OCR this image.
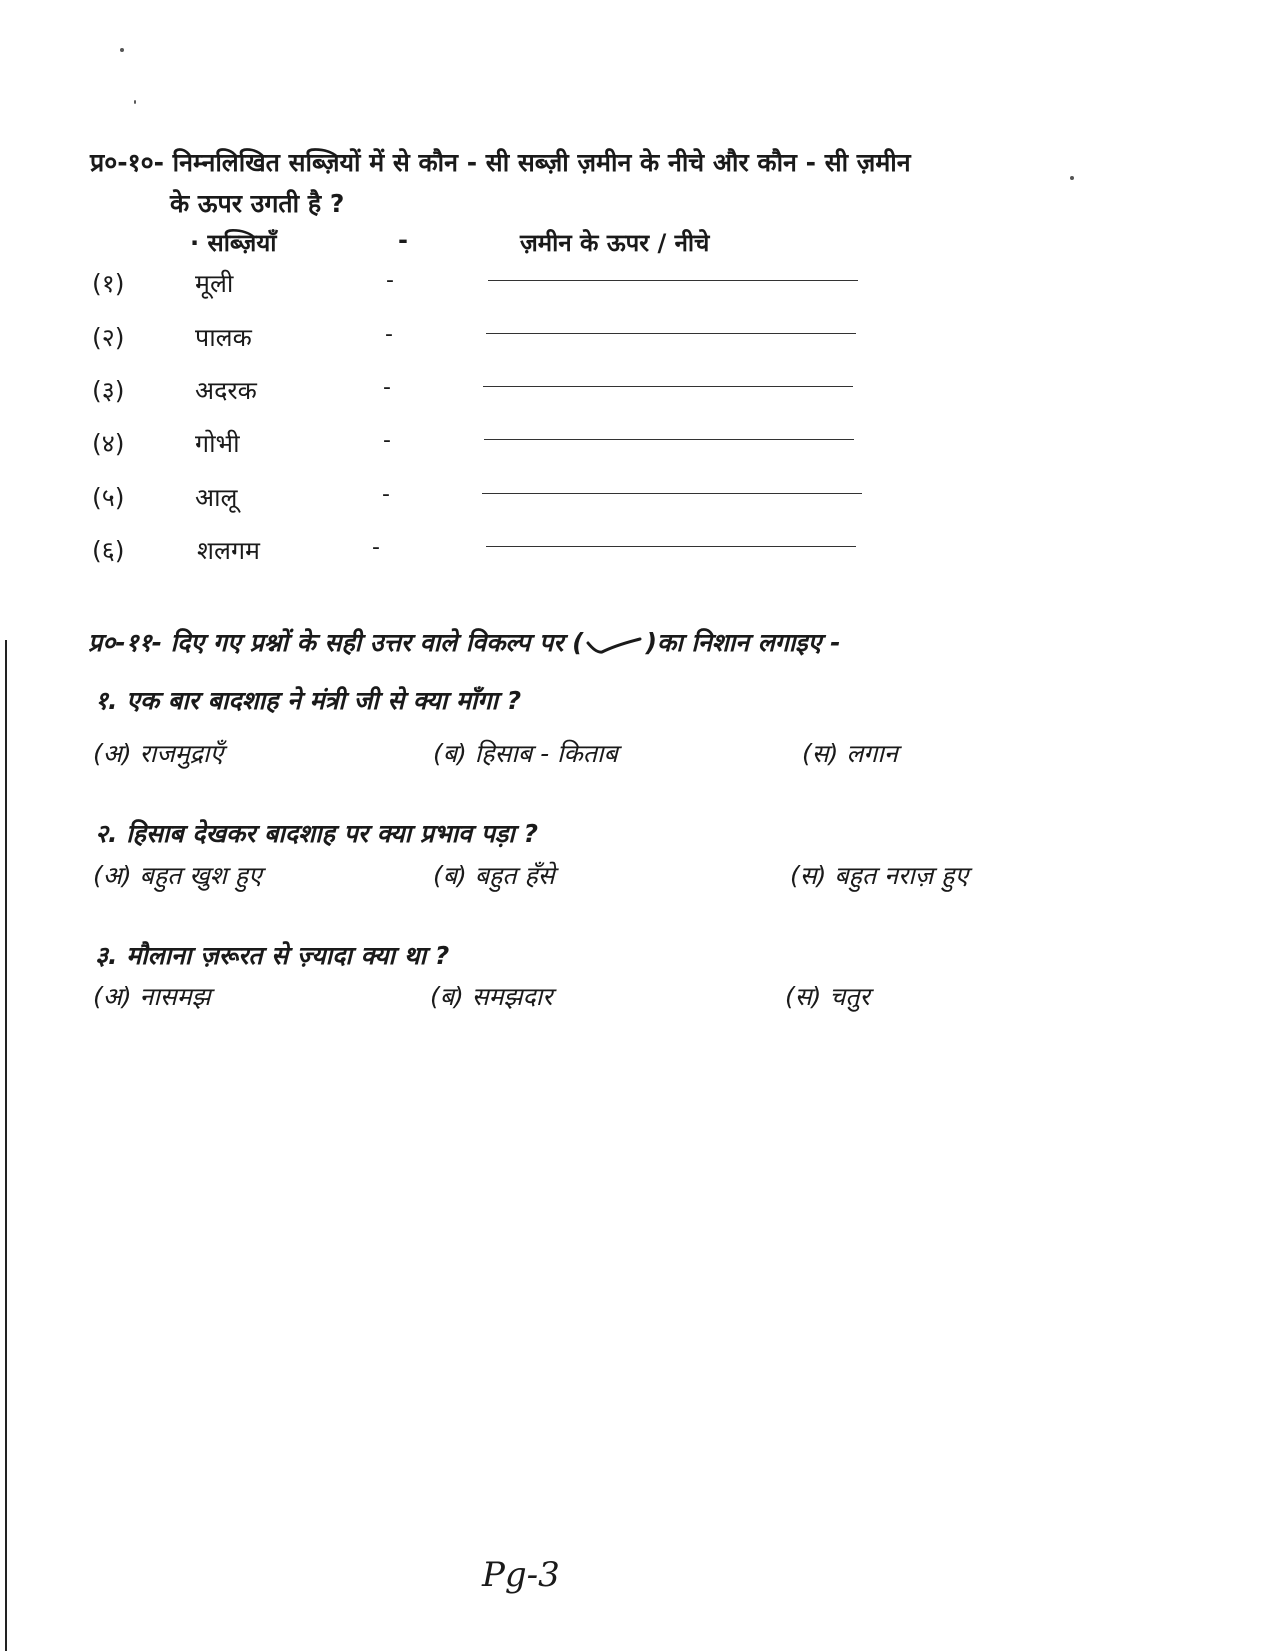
प्र०-१०- निम्नलिखित सब्ज़ियों में से कौन - सी सब्ज़ी ज़मीन के नीचे और कौन - सी ज़मीन
के ऊपर उगती है ?
· सब्ज़ियाँ	-	ज़मीन के ऊपर / नीचे
(१)	मूली	-
(२)	पालक	-
(३)	अदरक	-
(४)	गोभी	-
(५)	आलू	-
(६)	शलगम	-
प्र०-११- दिए गए प्रश्नों के सही उत्तर वाले विकल्प पर ( )का निशान लगाइए -
१. एक बार बादशाह ने मंत्री जी से क्या माँगा ?
(अ) राजमुद्राएँ	(ब) हिसाब - किताब	(स) लगान
२. हिसाब देखकर बादशाह पर क्या प्रभाव पड़ा ?
(अ) बहुत खुश हुए	(ब) बहुत हँसे	(स) बहुत नराज़ हुए
३. मौलाना ज़रूरत से ज़्यादा क्या था ?
(अ) नासमझ	(ब) समझदार	(स) चतुर
Pg-3
